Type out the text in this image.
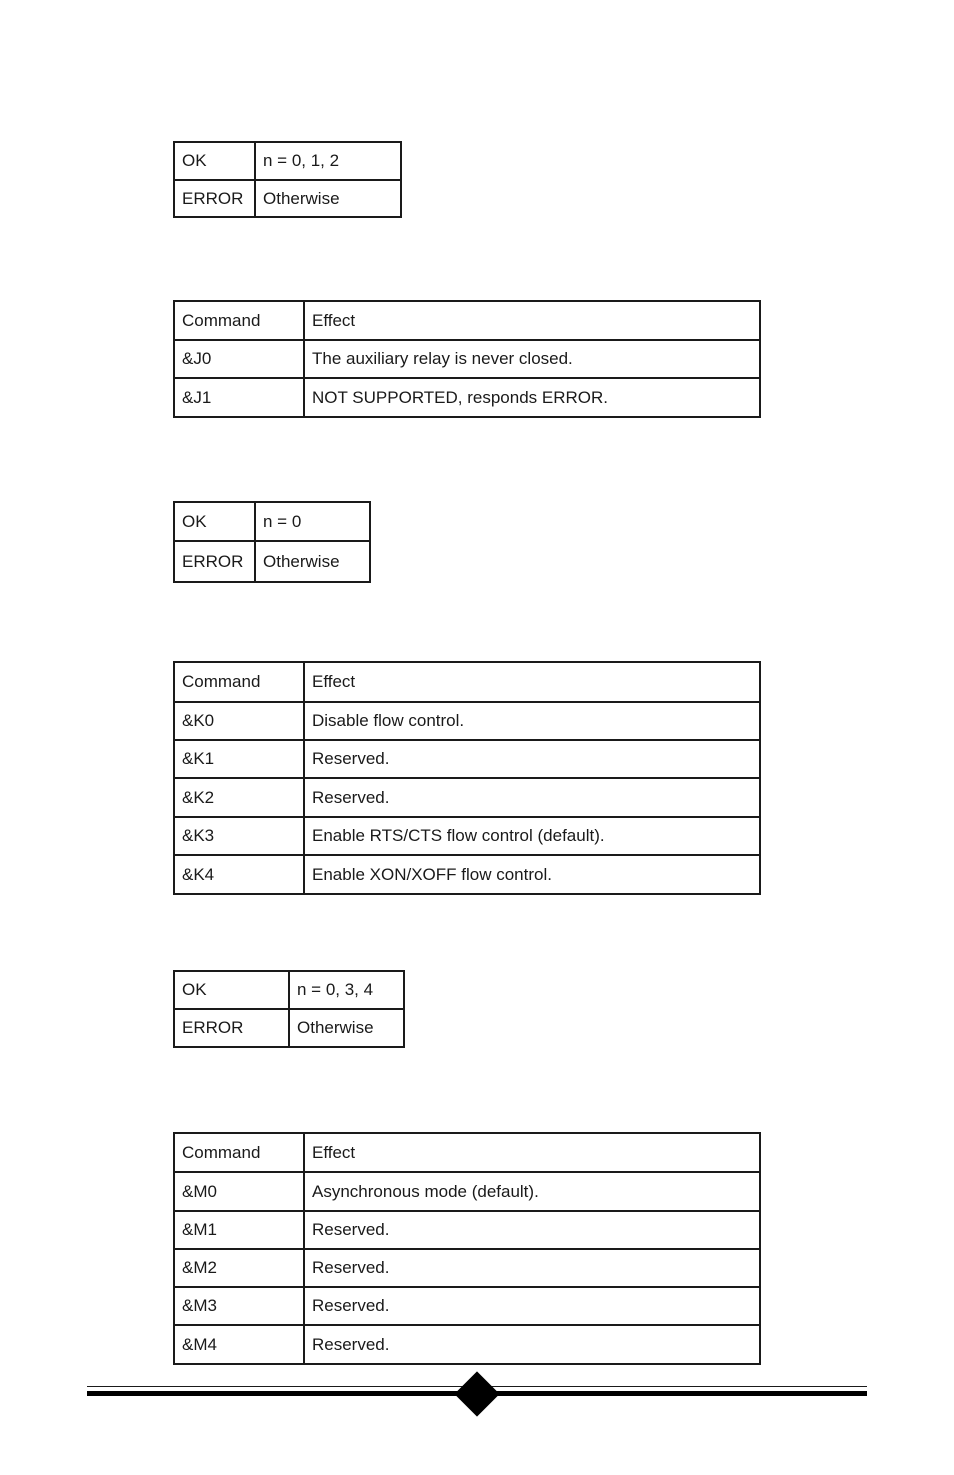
OK	n = 0, 1, 2
ERROR	Otherwise
Command	Effect
&J0	The auxiliary relay is never closed.
&J1	NOT SUPPORTED, responds ERROR.
OK	n = 0
ERROR	Otherwise
Command	Effect
&K0	Disable flow control.
&K1	Reserved.
&K2	Reserved.
&K3	Enable RTS/CTS flow control (default).
&K4	Enable XON/XOFF flow control.
OK	n = 0, 3, 4
ERROR	Otherwise
Command	Effect
&M0	Asynchronous mode (default).
&M1	Reserved.
&M2	Reserved.
&M3	Reserved.
&M4	Reserved.
